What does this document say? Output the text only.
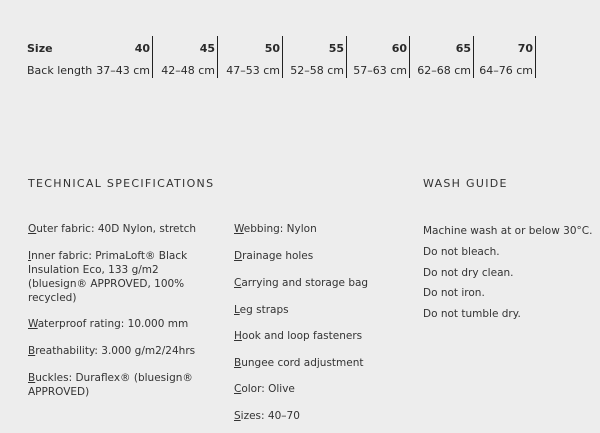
Size	40	45	50	55	60	65	70
Back length 37–43 cm	42–48 cm	47–53 cm 52–58 cm 57–63 cm 62–68 cm 64–76 cm
TECHNICAL SPECIFICATIONS
Outer fabric: 40D Nylon, stretch
Inner fabric: PrimaLoft® Black Insulation Eco, 133 g/m2 (bluesign® APPROVED, 100% recycled)
Waterproof rating: 10.000 mm
Breathability: 3.000 g/m2/24hrs
Buckles: Duraflex® (bluesign® APPROVED)
Webbing: Nylon
Drainage holes
Carrying and storage bag
Leg straps
Hook and loop fasteners
Bungee cord adjustment
Color: Olive
Sizes: 40–70
WASH GUIDE
Machine wash at or below 30°C.
Do not bleach.
Do not dry clean.
Do not iron.
Do not tumble dry.
